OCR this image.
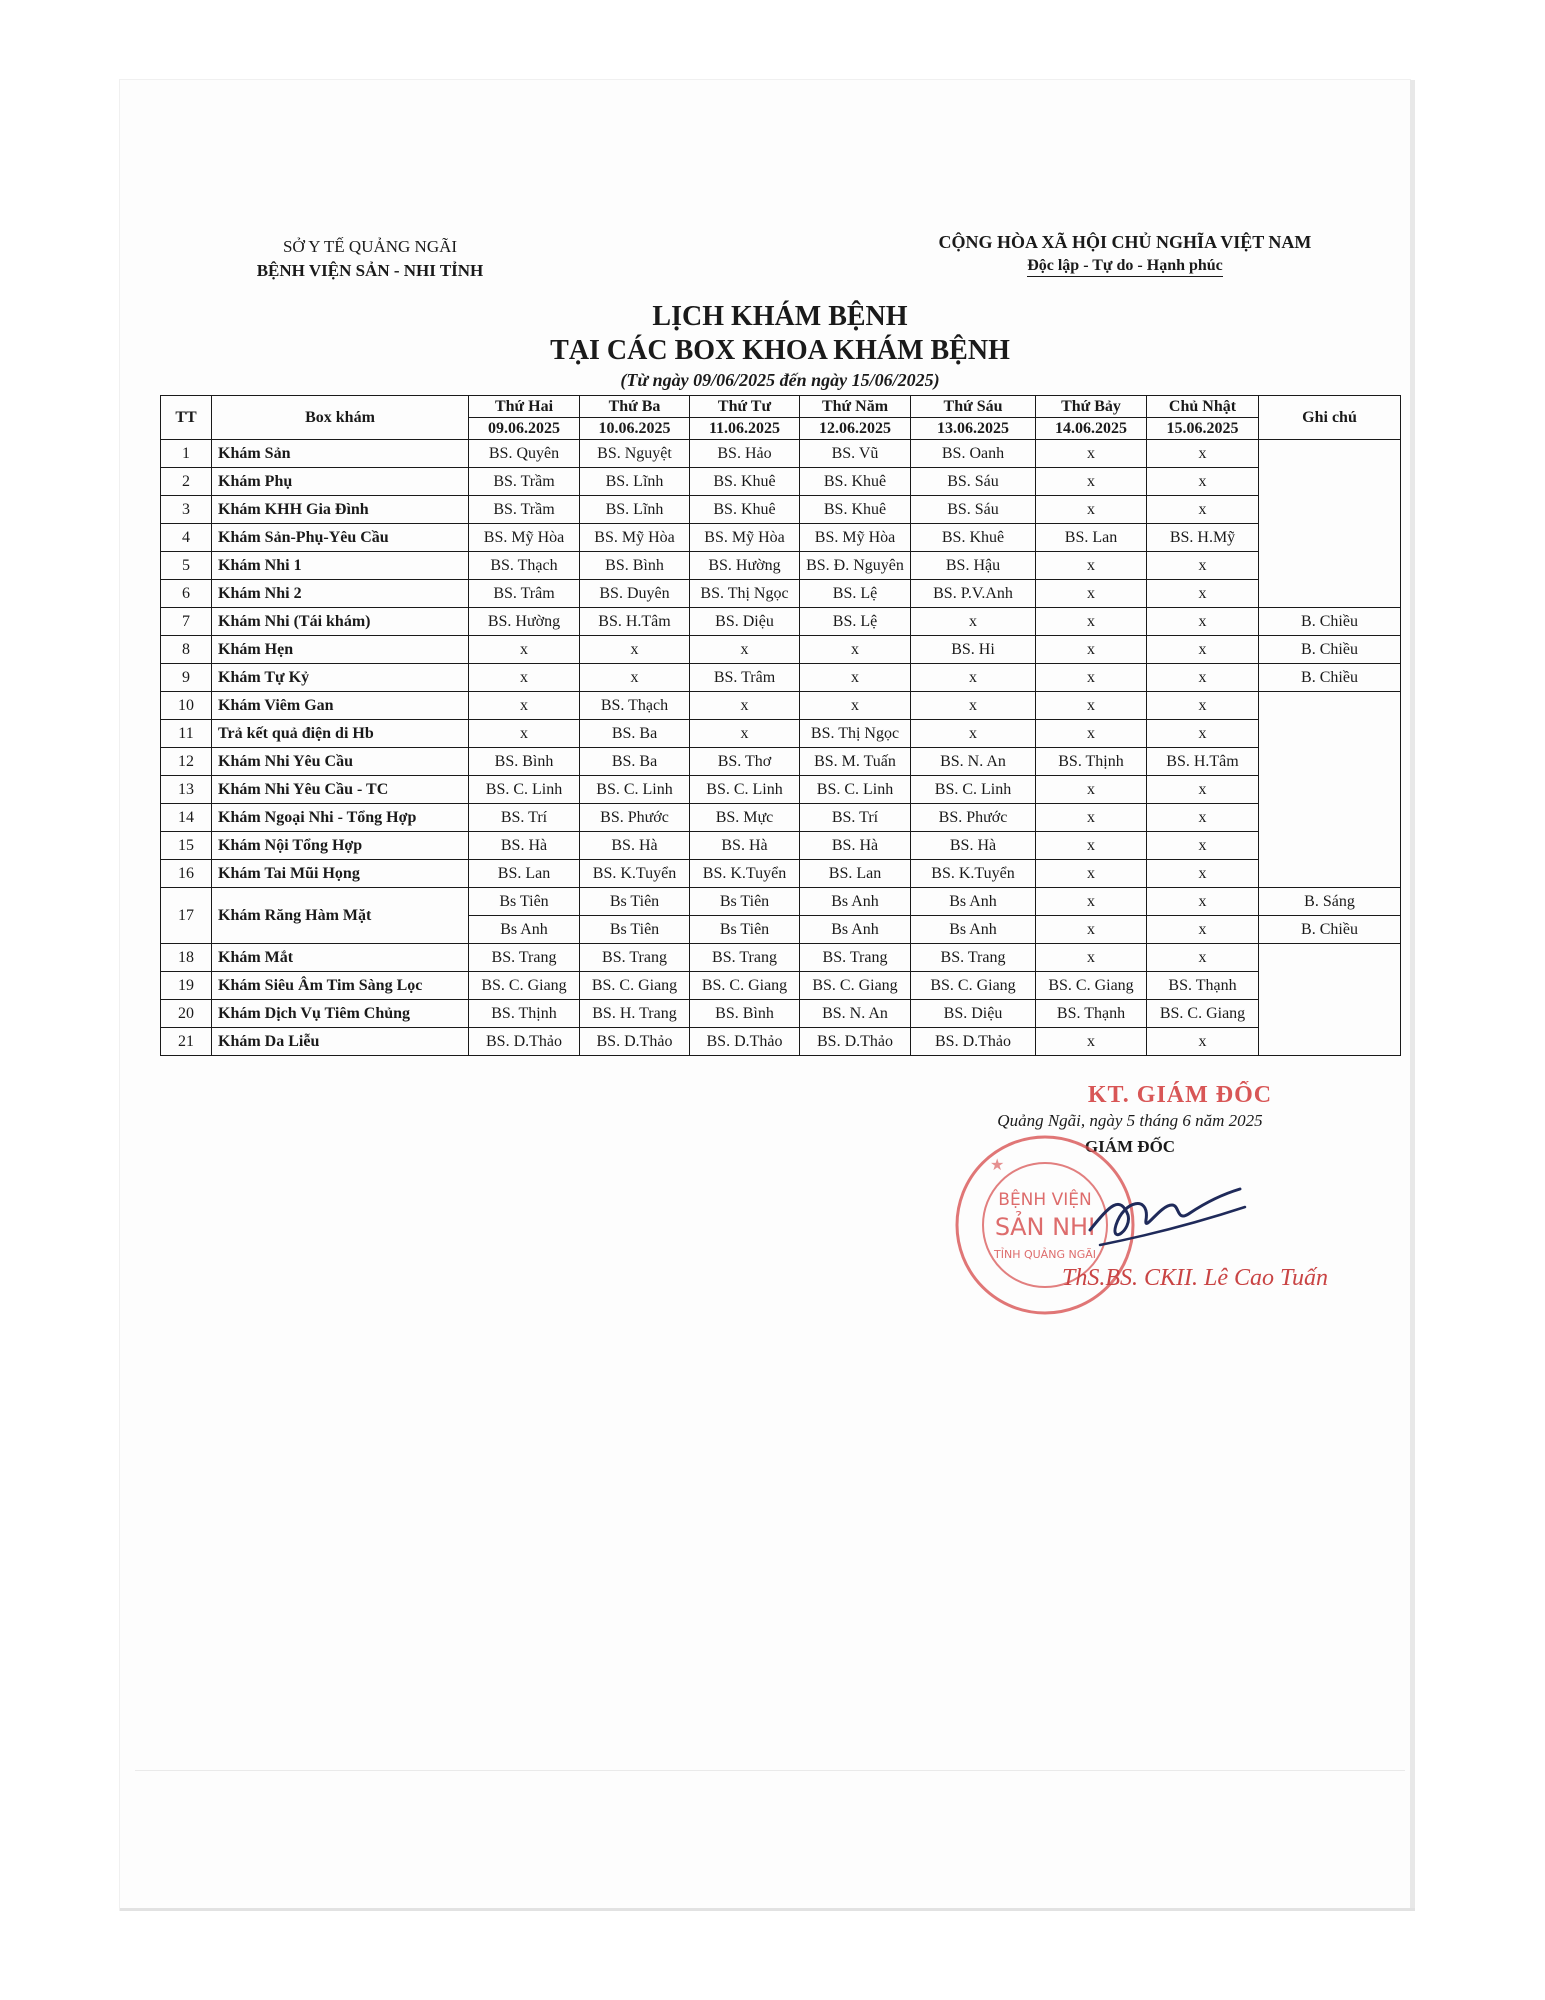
SỞ Y TẾ QUẢNG NGÃI
BỆNH VIỆN SẢN - NHI TỈNH
CỘNG HÒA XÃ HỘI CHỦ NGHĨA VIỆT NAM
Độc lập - Tự do - Hạnh phúc
LỊCH KHÁM BỆNH
TẠI CÁC BOX KHOA KHÁM BỆNH
(Từ ngày 09/06/2025 đến ngày 15/06/2025)
TT	Box khám	Thứ Hai	Thứ Ba	Thứ Tư	Thứ Năm	Thứ Sáu	Thứ Bảy	Chủ Nhật	Ghi chú
		09.06.2025	10.06.2025	11.06.2025	12.06.2025	13.06.2025	14.06.2025	15.06.2025	
1	Khám Sản	BS. Quyên	BS. Nguyệt	BS. Hảo	BS. Vũ	BS. Oanh	x	x	
2	Khám Phụ	BS. Trầm	BS. Lĩnh	BS. Khuê	BS. Khuê	BS. Sáu	x	x	
3	Khám KHH Gia Đình	BS. Trầm	BS. Lĩnh	BS. Khuê	BS. Khuê	BS. Sáu	x	x	
4	Khám Sản-Phụ-Yêu Cầu	BS. Mỹ Hòa	BS. Mỹ Hòa	BS. Mỹ Hòa	BS. Mỹ Hòa	BS. Khuê	BS. Lan	BS. H.Mỹ	
5	Khám Nhi 1	BS. Thạch	BS. Bình	BS. Hường	BS. Đ. Nguyên	BS. Hậu	x	x	
6	Khám Nhi 2	BS. Trâm	BS. Duyên	BS. Thị Ngọc	BS. Lệ	BS. P.V.Anh	x	x	
7	Khám Nhi (Tái khám)	BS. Hường	BS. H.Tâm	BS. Diệu	BS. Lệ	x	x	x	B. Chiều
8	Khám Hẹn	x	x	x	x	BS. Hi	x	x	B. Chiều
9	Khám Tự Kỷ	x	x	BS. Trâm	x	x	x	x	B. Chiều
10	Khám Viêm Gan	x	BS. Thạch	x	x	x	x	x	
11	Trả kết quả điện di Hb	x	BS. Ba	x	BS. Thị Ngọc	x	x	x	
12	Khám Nhi Yêu Cầu	BS. Bình	BS. Ba	BS. Thơ	BS. M. Tuấn	BS. N. An	BS. Thịnh	BS. H.Tâm	
13	Khám Nhi Yêu Cầu - TC	BS. C. Linh	BS. C. Linh	BS. C. Linh	BS. C. Linh	BS. C. Linh	x	x	
14	Khám Ngoại Nhi - Tổng Hợp	BS. Trí	BS. Phước	BS. Mực	BS. Trí	BS. Phước	x	x	
15	Khám Nội Tổng Hợp	BS. Hà	BS. Hà	BS. Hà	BS. Hà	BS. Hà	x	x	
16	Khám Tai Mũi Họng	BS. Lan	BS. K.Tuyển	BS. K.Tuyển	BS. Lan	BS. K.Tuyển	x	x	
17	Khám Răng Hàm Mặt	Bs Tiên	Bs Tiên	Bs Tiên	Bs Anh	Bs Anh	x	x	B. Sáng
		Bs Anh	Bs Tiên	Bs Tiên	Bs Anh	Bs Anh	x	x	B. Chiều
18	Khám Mắt	BS. Trang	BS. Trang	BS. Trang	BS. Trang	BS. Trang	x	x	
19	Khám Siêu Âm Tim Sàng Lọc	BS. C. Giang	BS. C. Giang	BS. C. Giang	BS. C. Giang	BS. C. Giang	BS. C. Giang	BS. Thạnh	
20	Khám Dịch Vụ Tiêm Chủng	BS. Thịnh	BS. H. Trang	BS. Bình	BS. N. An	BS. Diệu	BS. Thạnh	BS. C. Giang	
21	Khám Da Liễu	BS. D.Thảo	BS. D.Thảo	BS. D.Thảo	BS. D.Thảo	BS. D.Thảo	x	x	
KT. GIÁM ĐỐC
Quảng Ngãi, ngày 5 tháng 6 năm 2025
GIÁM ĐỐC
BỆNH VIỆN
SẢN NHI
TỈNH QUẢNG NGÃI
★
ThS.BS. CKII. Lê Cao Tuấn
